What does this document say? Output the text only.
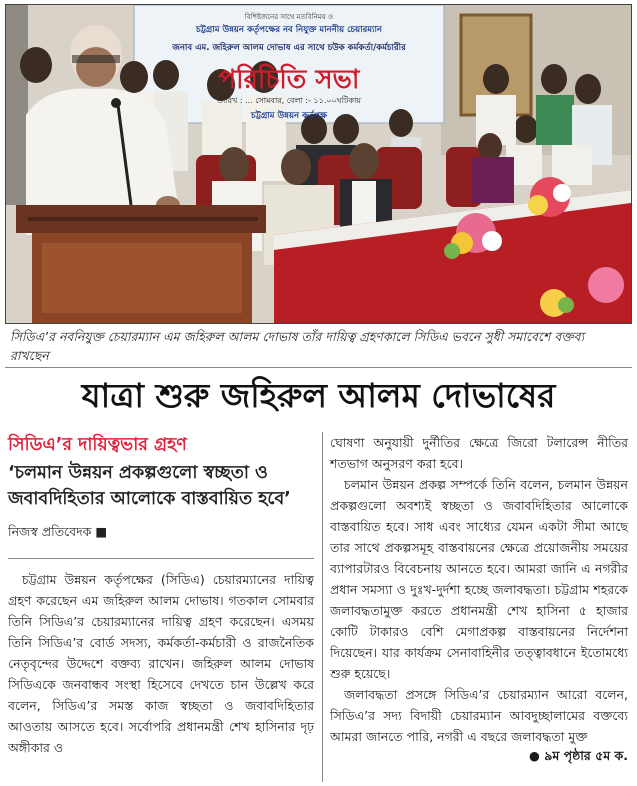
বিশিষ্টজনের সাথে মতবিনিময় ও
চট্টগ্রাম উন্নয়ন কর্তৃপক্ষের নব নিযুক্ত মাননীয় চেয়ারম্যান
জনাব এম. জহিরুল আলম দোভাষ এর সাথে চউক কর্মকর্তা/কর্মচারীর
পরিচিতি সভা
তারিখ : ... সোমবার, বেলা :- ১১.০০ঘটিকায়
চট্টগ্রাম উন্নয়ন কর্তৃপক্ষ
সিডিএ’র নবনিযুক্ত চেয়ারম্যান এম জহিরুল আলম দোভাষ তাঁর দায়িত্ব গ্রহণকালে সিডিএ ভবনে সুধী সমাবেশে বক্তব্য রাখছেন
যাত্রা শুরু জহিরুল আলম দোভাষের
সিডিএ’র দায়িত্বভার গ্রহণ
‘চলমান উন্নয়ন প্রকল্পগুলো স্বচ্ছতা ও জবাবদিহিতার আলোকে বাস্তবায়িত হবে’
নিজস্ব প্রতিবেদক ■

চট্টগ্রাম উন্নয়ন কর্তৃপক্ষের (সিডিএ) চেয়ারম্যানের দায়িত্ব গ্রহণ করেছেন এম জহিরুল আলম দোভাষ। গতকাল সোমবার তিনি সিডিএ’র চেয়ারম্যানের দায়িত্ব গ্রহণ করেছেন। এসময় তিনি সিডিএ’র বোর্ড সদস্য, কর্মকর্তা-কর্মচারী ও রাজনৈতিক নেতৃবৃন্দের উদ্দেশে বক্তব্য রাখেন। জহিরুল আলম দোভাষ সিডিএকে জনবান্ধব সংস্থা হিসেবে দেখতে চান উল্লেখ করে বলেন, সিডিএ’র সমস্ত কাজ স্বচ্ছতা ও জবাবদিহিতার আওতায় আসতে হবে। সর্বোপরি প্রধানমন্ত্রী শেখ হাসিনার দৃঢ় অঙ্গীকার ও

ঘোষণা অনুযায়ী দুর্নীতির ক্ষেত্রে জিরো টলারেন্স নীতির শতভাগ অনুসরণ করা হবে।

চলমান উন্নয়ন প্রকল্প সম্পর্কে তিনি বলেন, চলমান উন্নয়ন প্রকল্পগুলো অবশ্যই স্বচ্ছতা ও জবাবদিহিতার আলোকে বাস্তবায়িত হবে। সাধ এবং সাধ্যের যেমন একটা সীমা আছে তার সাথে প্রকল্পসমূহ বাস্তবায়নের ক্ষেত্রে প্রয়োজনীয় সময়ের ব্যাপারটারও বিবেচনায় আনতে হবে। আমরা জানি এ নগরীর প্রধান সমস্যা ও দুঃখ-দুর্দশা হচ্ছে জলাবদ্ধতা। চট্টগ্রাম শহরকে জলাবদ্ধতামুক্ত করতে প্রধানমন্ত্রী শেখ হাসিনা ৫ হাজার কোটি টাকারও বেশি মেগাপ্রকল্প বাস্তবায়নের নির্দেশনা দিয়েছেন। যার কার্যক্রম সেনাবাহিনীর তত্ত্বাবধানে ইতোমধ্যে শুরু হয়েছে।

জলাবদ্ধতা প্রসঙ্গে সিডিএ’র চেয়ারম্যান আরো বলেন, সিডিএ’র সদ্য বিদায়ী চেয়ারম্যান আবদুচ্ছালামের বক্তব্যে আমরা জানতে পারি, নগরী এ বছরে জলাবদ্ধতা মুক্ত

● ৯ম পৃষ্ঠার ৫ম ক.
